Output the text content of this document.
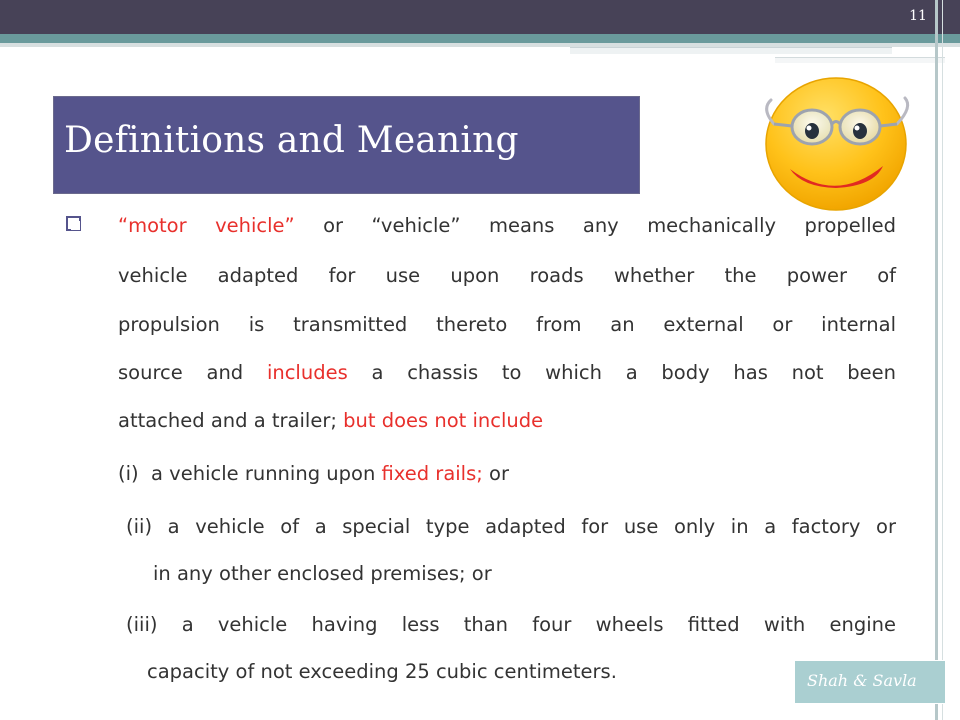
11
Definitions and Meaning
“motor vehicle” or “vehicle” means any mechanically propelled
vehicle adapted for use upon roads whether the power of
propulsion is transmitted thereto from an external or internal
source and includes a chassis to which a body has not been
attached and a trailer; but does not include
(i)  a vehicle running upon fixed rails; or
(ii) a vehicle of a special type adapted for use only in a factory or
in any other enclosed premises; or
(iii) a vehicle having less than four wheels fitted with engine
capacity of not exceeding 25 cubic centimeters.	Shah & Savla
